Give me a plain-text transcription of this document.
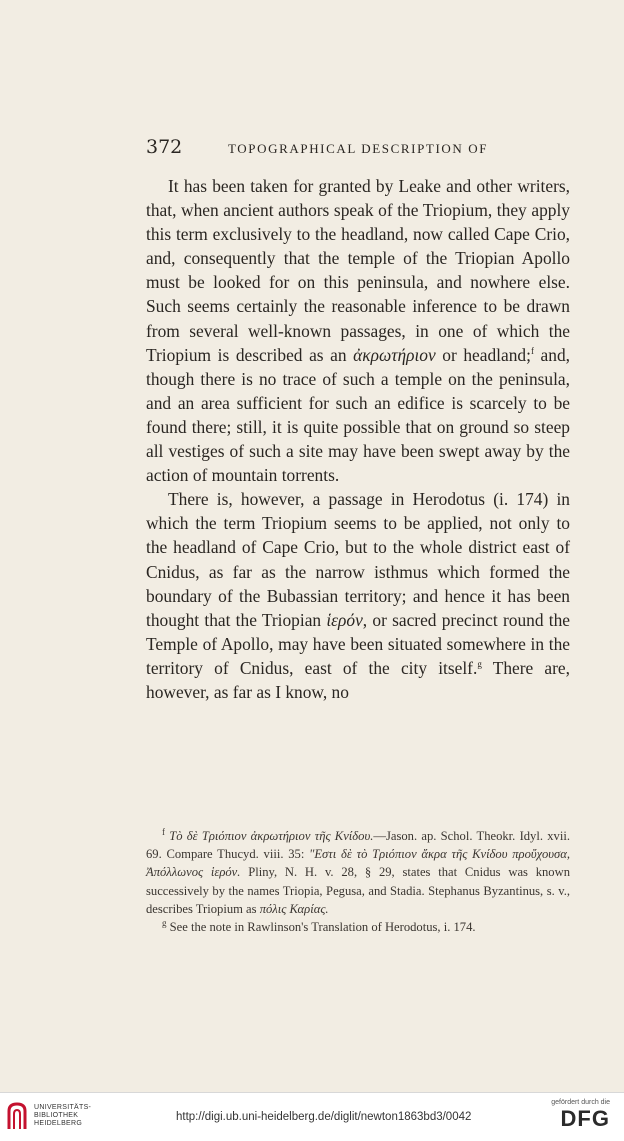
372	TOPOGRAPHICAL DESCRIPTION OF

It has been taken for granted by Leake and other writers, that, when ancient authors speak of the Triopium, they apply this term exclusively to the headland, now called Cape Crio, and, consequently that the temple of the Triopian Apollo must be looked for on this peninsula, and nowhere else. Such seems certainly the reasonable inference to be drawn from several well-known passages, in one of which the Triopium is described as an ἀκρωτήριον or headland;$^f$ and, though there is no trace of such a temple on the peninsula, and an area sufficient for such an edifice is scarcely to be found there; still, it is quite possible that on ground so steep all vestiges of such a site may have been swept away by the action of mountain torrents.

There is, however, a passage in Herodotus (i. 174) in which the term Triopium seems to be applied, not only to the headland of Cape Crio, but to the whole district east of Cnidus, as far as the narrow isthmus which formed the boundary of the Bubassian territory; and hence it has been thought that the Triopian ἱερόν, or sacred precinct round the Temple of Apollo, may have been situated somewhere in the territory of Cnidus, east of the city itself.$^g$ There are, however, as far as I know, no

$^f$ Τὸ δὲ Τριόπιον ἀκρωτήριον τῆς Κνίδου.—Jason. ap. Schol. Theokr. Idyl. xvii. 69. Compare Thucyd. viii. 35: "Εστι δὲ τὸ Τριόπιον ἄκρα τῆς Κνίδου προὔχουσα, Ἀπόλλωνος ἱερόν. Pliny, N. H. v. 28, § 29, states that Cnidus was known successively by the names Triopia, Pegusa, and Stadia. Stephanus Byzantinus, s. v., describes Triopium as πόλις Καρίας.

$^g$ See the note in Rawlinson's Translation of Herodotus, i. 174.

UNIVERSITÄTS-
BIBLIOTHEK
HEIDELBERG
http://digi.ub.uni-heidelberg.de/diglit/newton1863bd3/0042
gefördert durch die
DFG
